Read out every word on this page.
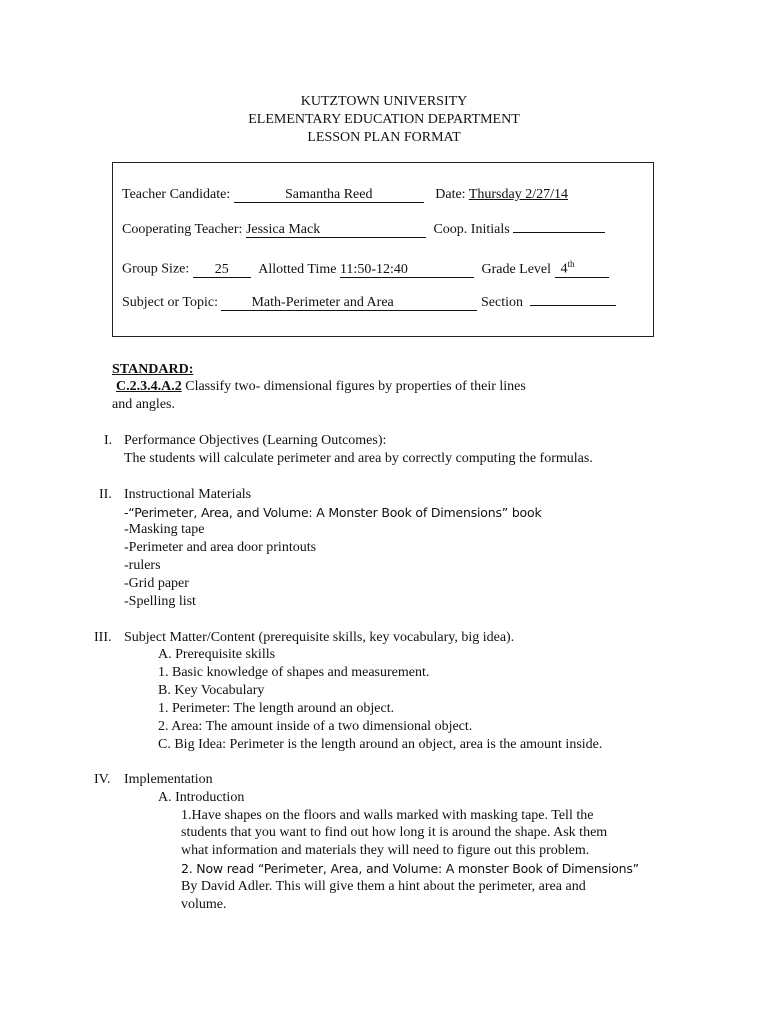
KUTZTOWN UNIVERSITY
ELEMENTARY EDUCATION DEPARTMENT
LESSON PLAN FORMAT
Teacher Candidate:	Samantha Reed	Date: Thursday 2/27/14
Cooperating Teacher: Jessica Mack	Coop. Initials
Group Size: 25 Allotted Time 11:50-12:40	Grade Level 4th
Subject or Topic: Math-Perimeter and Area	Section
STANDARD:
C.2.3.4.A.2 Classify two- dimensional figures by properties of their lines
and angles.
I. Performance Objectives (Learning Outcomes):
The students will calculate perimeter and area by correctly computing the formulas.
II. Instructional Materials
-“Perimeter, Area, and Volume: A Monster Book of Dimensions” book
-Masking tape
-Perimeter and area door printouts
-rulers
-Grid paper
-Spelling list
III. Subject Matter/Content (prerequisite skills, key vocabulary, big idea).
A. Prerequisite skills
1. Basic knowledge of shapes and measurement.
B. Key Vocabulary
1. Perimeter: The length around an object.
2. Area: The amount inside of a two dimensional object.
C. Big Idea: Perimeter is the length around an object, area is the amount inside.
IV. Implementation
A. Introduction
1.Have shapes on the floors and walls marked with masking tape. Tell the
students that you want to find out how long it is around the shape. Ask them
what information and materials they will need to figure out this problem.
2. Now read “Perimeter, Area, and Volume: A monster Book of Dimensions”
By David Adler. This will give them a hint about the perimeter, area and
volume.
